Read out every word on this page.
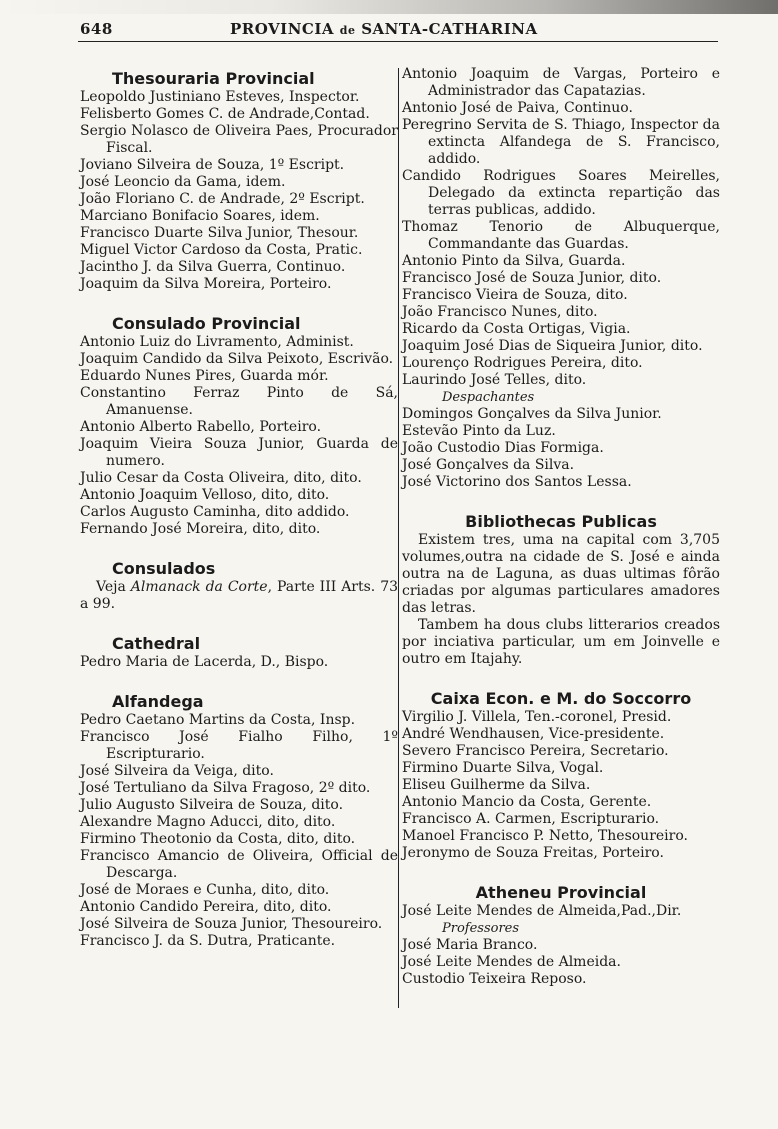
648	PROVINCIA de SANTA-CATHARINA
Thesouraria Provincial
Leopoldo Justiniano Esteves, Inspector.
Felisberto Gomes C. de Andrade,Contad.
Sergio Nolasco de Oliveira Paes, Procurador Fiscal.
Joviano Silveira de Souza, 1º Escript.
José Leoncio da Gama, idem.
João Floriano C. de Andrade, 2º Escript.
Marciano Bonifacio Soares, idem.
Francisco Duarte Silva Junior, Thesour.
Miguel Victor Cardoso da Costa, Pratic.
Jacintho J. da Silva Guerra, Continuo.
Joaquim da Silva Moreira, Porteiro.
Consulado Provincial
Antonio Luiz do Livramento, Administ.
Joaquim Candido da Silva Peixoto, Escrivão.
Eduardo Nunes Pires, Guarda mór.
Constantino Ferraz Pinto de Sá, Amanuense.
Antonio Alberto Rabello, Porteiro.
Joaquim Vieira Souza Junior, Guarda de numero.
Julio Cesar da Costa Oliveira, dito, dito.
Antonio Joaquim Velloso, dito, dito.
Carlos Augusto Caminha, dito addido.
Fernando José Moreira, dito, dito.
Consulados
Veja Almanack da Corte, Parte III Arts. 73 a 99.
Cathedral
Pedro Maria de Lacerda, D., Bispo.
Alfandega
Pedro Caetano Martins da Costa, Insp.
Francisco José Fialho Filho, 1º Escripturario.
José Silveira da Veiga, dito.
José Tertuliano da Silva Fragoso, 2º dito.
Julio Augusto Silveira de Souza, dito.
Alexandre Magno Aducci, dito, dito.
Firmino Theotonio da Costa, dito, dito.
Francisco Amancio de Oliveira, Official de Descarga.
José de Moraes e Cunha, dito, dito.
Antonio Candido Pereira, dito, dito.
José Silveira de Souza Junior, Thesoureiro.
Francisco J. da S. Dutra, Praticante.
Antonio Joaquim de Vargas, Porteiro e Administrador das Capatazias.
Antonio José de Paiva, Continuo.
Peregrino Servita de S. Thiago, Inspector da extincta Alfandega de S. Francisco, addido.
Candido Rodrigues Soares Meirelles, Delegado da extincta repartição das terras publicas, addido.
Thomaz Tenorio de Albuquerque, Commandante das Guardas.
Antonio Pinto da Silva, Guarda.
Francisco José de Souza Junior, dito.
Francisco Vieira de Souza, dito.
João Francisco Nunes, dito.
Ricardo da Costa Ortigas, Vigia.
Joaquim José Dias de Siqueira Junior, dito.
Lourenço Rodrigues Pereira, dito.
Laurindo José Telles, dito.
Despachantes
Domingos Gonçalves da Silva Junior.
Estevão Pinto da Luz.
João Custodio Dias Formiga.
José Gonçalves da Silva.
José Victorino dos Santos Lessa.
Bibliothecas Publicas
Existem tres, uma na capital com 3,705 volumes,outra na cidade de S. José e ainda outra na de Laguna, as duas ultimas fôrão criadas por algumas particulares amadores das letras.
Tambem ha dous clubs litterarios creados por inciativa particular, um em Joinvelle e outro em Itajahy.
Caixa Econ. e M. do Soccorro
Virgilio J. Villela, Ten.-coronel, Presid.
André Wendhausen, Vice-presidente.
Severo Francisco Pereira, Secretario.
Firmino Duarte Silva, Vogal.
Eliseu Guilherme da Silva.
Antonio Mancio da Costa, Gerente.
Francisco A. Carmen, Escripturario.
Manoel Francisco P. Netto, Thesoureiro.
Jeronymo de Souza Freitas, Porteiro.
Atheneu Provincial
José Leite Mendes de Almeida,Pad.,Dir.
Professores
José Maria Branco.
José Leite Mendes de Almeida.
Custodio Teixeira Reposo.
